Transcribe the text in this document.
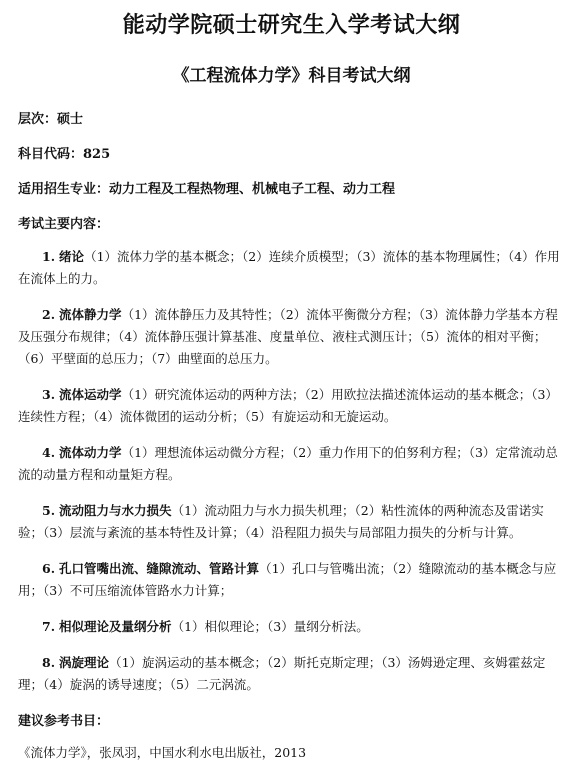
能动学院硕士研究生入学考试大纲
《工程流体力学》科目考试大纲
层次：硕士
科目代码：825
适用招生专业：动力工程及工程热物理、机械电子工程、动力工程
考试主要内容：
1. 绪论（1）流体力学的基本概念；（2）连续介质模型；（3）流体的基本物理属性；（4）作用在流体上的力。
2. 流体静力学（1）流体静压力及其特性；（2）流体平衡微分方程；（3）流体静力学基本方程及压强分布规律；（4）流体静压强计算基准、度量单位、液柱式测压计；（5）流体的相对平衡；（6）平壁面的总压力；（7）曲壁面的总压力。
3. 流体运动学（1）研究流体运动的两种方法；（2）用欧拉法描述流体运动的基本概念；（3）连续性方程；（4）流体微团的运动分析；（5）有旋运动和无旋运动。
4. 流体动力学（1）理想流体运动微分方程；（2）重力作用下的伯努利方程；（3）定常流动总流的动量方程和动量矩方程。
5. 流动阻力与水力损失（1）流动阻力与水力损失机理；（2）粘性流体的两种流态及雷诺实验；（3）层流与紊流的基本特性及计算；（4）沿程阻力损失与局部阻力损失的分析与计算。
6. 孔口管嘴出流、缝隙流动、管路计算（1）孔口与管嘴出流；（2）缝隙流动的基本概念与应用；（3）不可压缩流体管路水力计算；
7. 相似理论及量纲分析（1）相似理论；（3）量纲分析法。
8. 涡旋理论（1）旋涡运动的基本概念；（2）斯托克斯定理；（3）汤姆逊定理、亥姆霍兹定理；（4）旋涡的诱导速度；（5）二元涡流。
建议参考书目：
《流体力学》，张凤羽，中国水利水电出版社，2013
